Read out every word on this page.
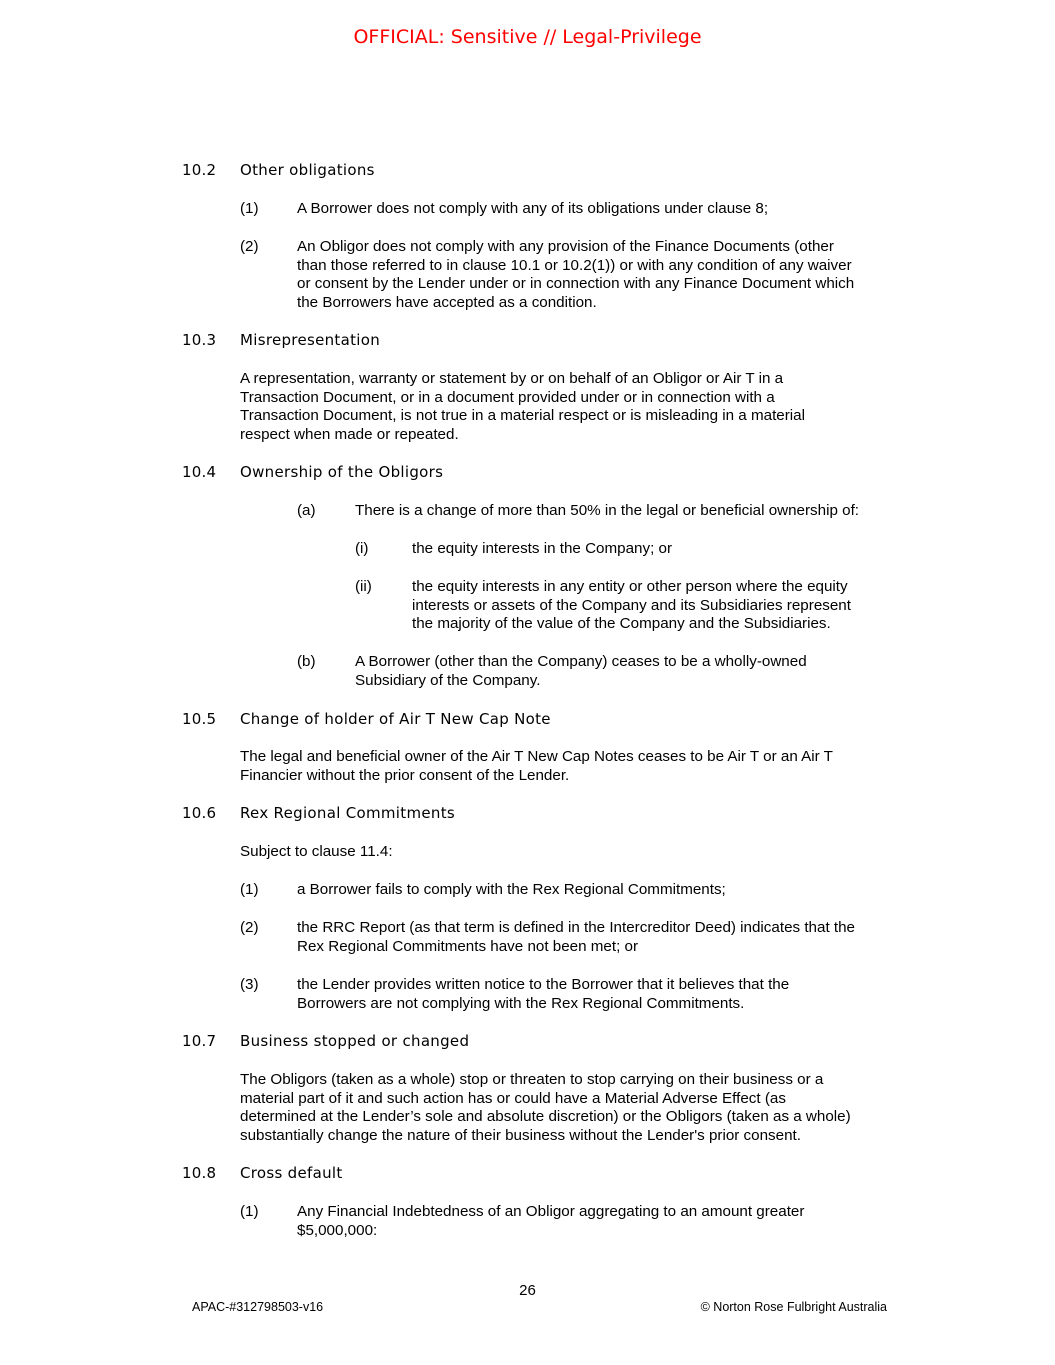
OFFICIAL: Sensitive // Legal-Privilege
10.2 Other obligations
(1)	A Borrower does not comply with any of its obligations under clause 8;
(2)	An Obligor does not comply with any provision of the Finance Documents (other
than those referred to in clause 10.1 or 10.2(1)) or with any condition of any waiver
or consent by the Lender under or in connection with any Finance Document which
the Borrowers have accepted as a condition.
10.3 Misrepresentation
A representation, warranty or statement by or on behalf of an Obligor or Air T in a
Transaction Document, or in a document provided under or in connection with a
Transaction Document, is not true in a material respect or is misleading in a material
respect when made or repeated.
10.4 Ownership of the Obligors
(a)	There is a change of more than 50% in the legal or beneficial ownership of:
(i)	the equity interests in the Company; or
(ii)	the equity interests in any entity or other person where the equity
interests or assets of the Company and its Subsidiaries represent
the majority of the value of the Company and the Subsidiaries.
(b)	A Borrower (other than the Company) ceases to be a wholly-owned
Subsidiary of the Company.
10.5 Change of holder of Air T New Cap Note
The legal and beneficial owner of the Air T New Cap Notes ceases to be Air T or an Air T
Financier without the prior consent of the Lender.
10.6 Rex Regional Commitments
Subject to clause 11.4:
(1)	a Borrower fails to comply with the Rex Regional Commitments;
(2)	the RRC Report (as that term is defined in the Intercreditor Deed) indicates that the
Rex Regional Commitments have not been met; or
(3)	the Lender provides written notice to the Borrower that it believes that the
Borrowers are not complying with the Rex Regional Commitments.
10.7 Business stopped or changed
The Obligors (taken as a whole) stop or threaten to stop carrying on their business or a
material part of it and such action has or could have a Material Adverse Effect (as
determined at the Lender’s sole and absolute discretion) or the Obligors (taken as a whole)
substantially change the nature of their business without the Lender's prior consent.
10.8 Cross default
(1)	Any Financial Indebtedness of an Obligor aggregating to an amount greater
$5,000,000:
26
APAC-#312798503-v16	© Norton Rose Fulbright Australia
